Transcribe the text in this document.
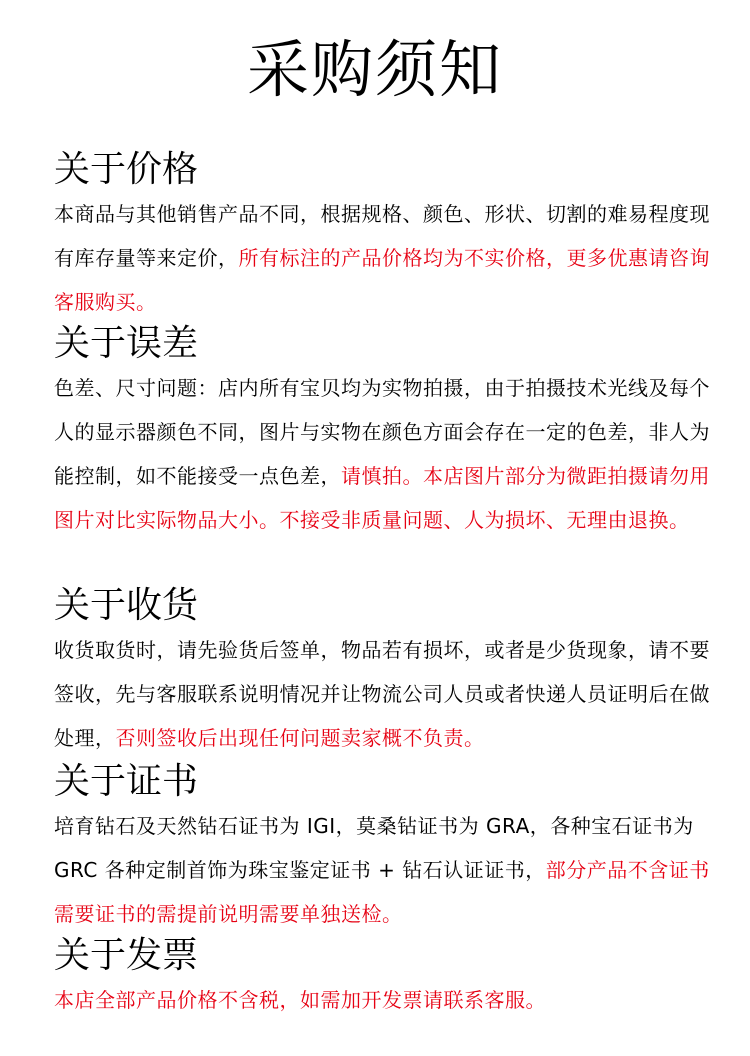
采购须知
关于价格

本商品与其他销售产品不同，根据规格、颜色、形状、切割的难易程度现有库存量等来定价，所有标注的产品价格均为不实价格，更多优惠请咨询客服购买。

关于误差

色差、尺寸问题：店内所有宝贝均为实物拍摄，由于拍摄技术光线及每个人的显示器颜色不同，图片与实物在颜色方面会存在一定的色差，非人为能控制，如不能接受一点色差，请慎拍。本店图片部分为微距拍摄请勿用图片对比实际物品大小。不接受非质量问题、人为损坏、无理由退换。

关于收货

收货取货时，请先验货后签单，物品若有损坏，或者是少货现象，请不要签收，先与客服联系说明情况并让物流公司人员或者快递人员证明后在做处理，否则签收后出现任何问题卖家概不负责。

关于证书

培育钻石及天然钻石证书为 IGI，莫桑钻证书为 GRA，各种宝石证书为 GRC 各种定制首饰为珠宝鉴定证书 + 钻石认证证书，部分产品不含证书需要证书的需提前说明需要单独送检。

关于发票

本店全部产品价格不含税，如需加开发票请联系客服。
